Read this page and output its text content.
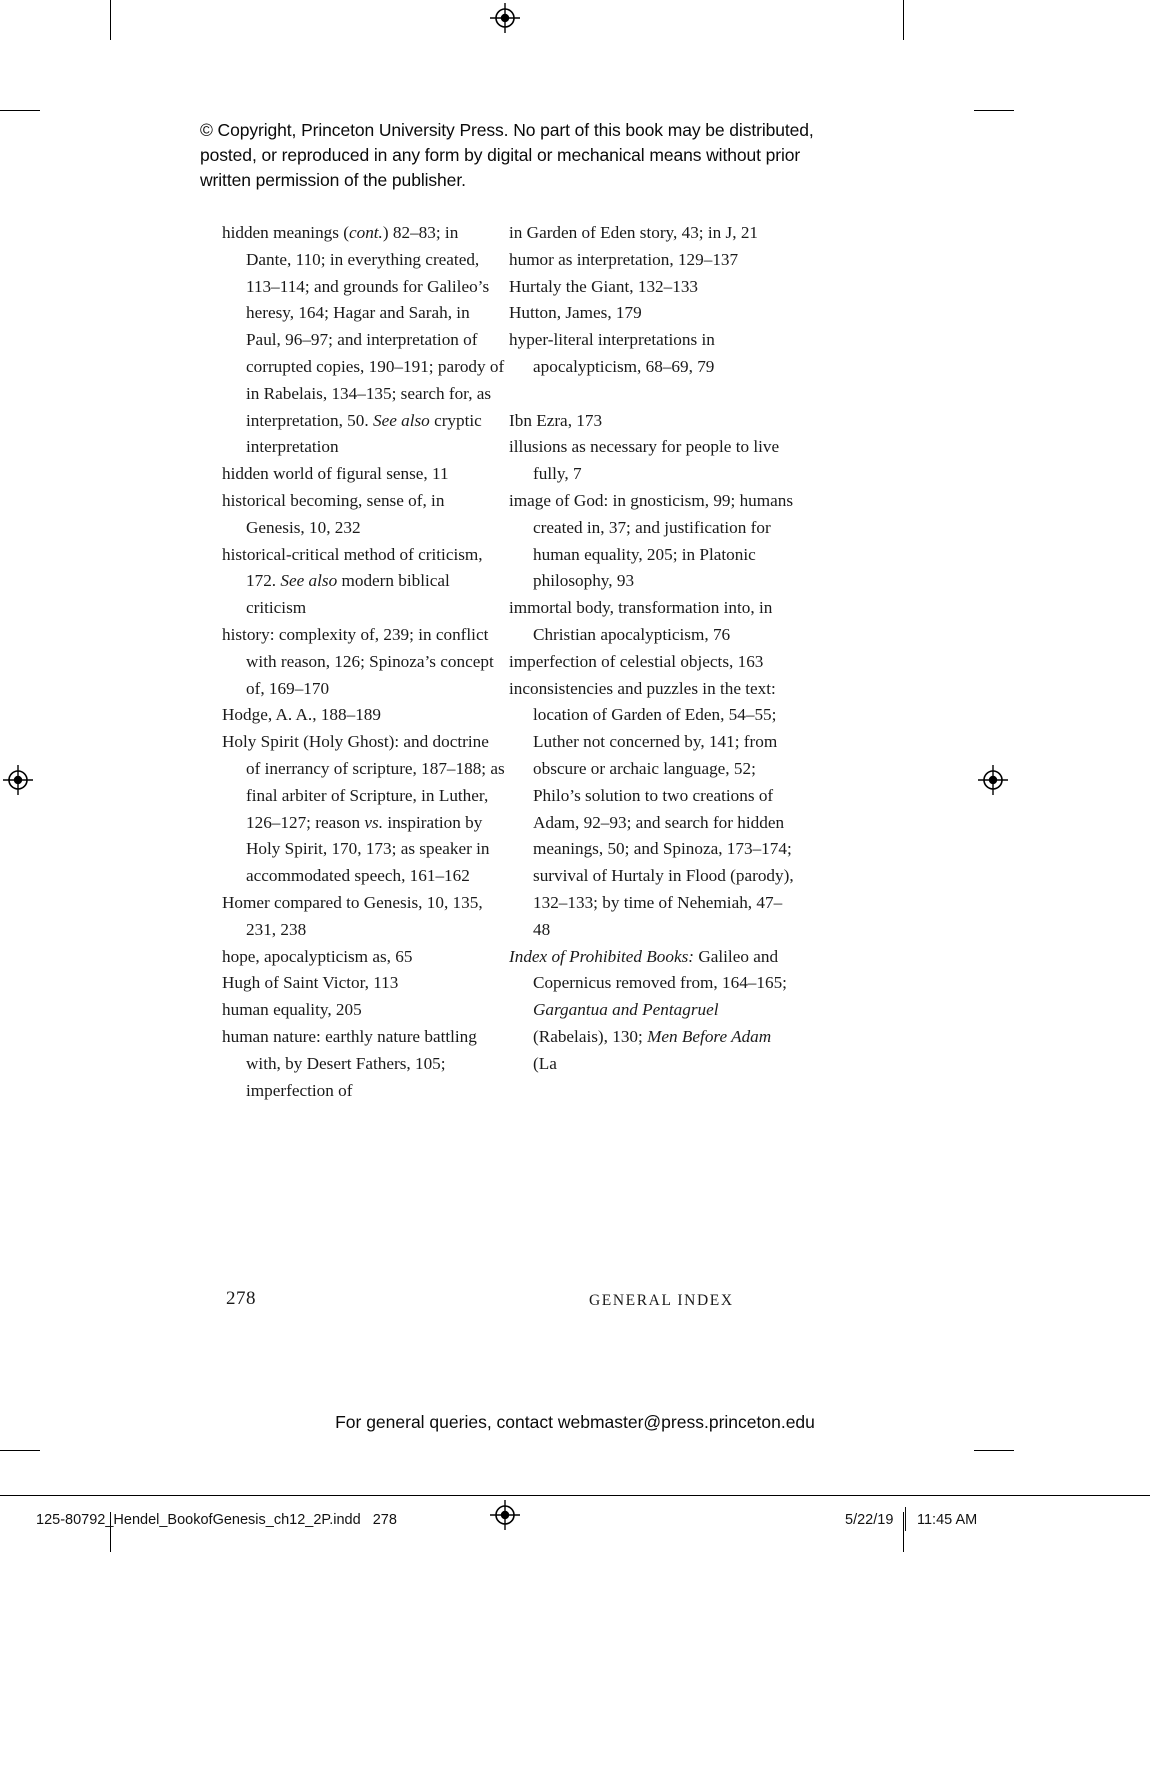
© Copyright, Princeton University Press. No part of this book may be distributed, posted, or reproduced in any form by digital or mechanical means without prior written permission of the publisher.
hidden meanings (cont.) 82–83; in Dante, 110; in everything created, 113–114; and grounds for Galileo’s heresy, 164; Hagar and Sarah, in Paul, 96–97; and interpretation of corrupted copies, 190–191; parody of in Rabelais, 134–135; search for, as interpretation, 50. See also cryptic interpretation
hidden world of figural sense, 11
historical becoming, sense of, in Genesis, 10, 232
historical-critical method of criticism, 172. See also modern biblical criticism
history: complexity of, 239; in conflict with reason, 126; Spinoza’s concept of, 169–170
Hodge, A. A., 188–189
Holy Spirit (Holy Ghost): and doctrine of inerrancy of scripture, 187–188; as final arbiter of Scripture, in Luther, 126–127; reason vs. inspiration by Holy Spirit, 170, 173; as speaker in accommodated speech, 161–162
Homer compared to Genesis, 10, 135, 231, 238
hope, apocalypticism as, 65
Hugh of Saint Victor, 113
human equality, 205
human nature: earthly nature battling with, by Desert Fathers, 105; imperfection of
in Garden of Eden story, 43; in J, 21
humor as interpretation, 129–137
Hurtaly the Giant, 132–133
Hutton, James, 179
hyper-literal interpretations in apocalypticism, 68–69, 79
Ibn Ezra, 173
illusions as necessary for people to live fully, 7
image of God: in gnosticism, 99; humans created in, 37; and justification for human equality, 205; in Platonic philosophy, 93
immortal body, transformation into, in Christian apocalypticism, 76
imperfection of celestial objects, 163
inconsistencies and puzzles in the text: location of Garden of Eden, 54–55; Luther not concerned by, 141; from obscure or archaic language, 52; Philo’s solution to two creations of Adam, 92–93; and search for hidden meanings, 50; and Spinoza, 173–174; survival of Hurtaly in Flood (parody), 132–133; by time of Nehemiah, 47–48
Index of Prohibited Books: Galileo and Copernicus removed from, 164–165; Gargantua and Pentagruel (Rabelais), 130; Men Before Adam (La
278	GENERAL INDEX
For general queries, contact webmaster@press.princeton.edu
125-80792_Hendel_BookofGenesis_ch12_2P.indd   278	5/22/19 11:45 AM
